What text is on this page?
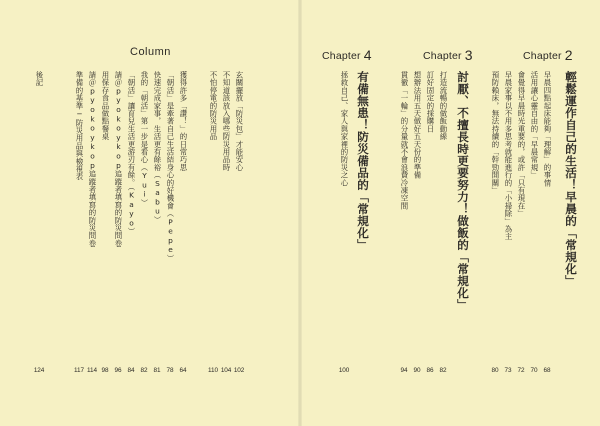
Chapter 2
輕鬆運作自己的生活！早晨的「常規化」
早晨四點起床能夠「理解」的事情
活用讓心靈自由的「早晨常規」
會覺得早晨時光重要的，或許「只有現在」
早晨家事以不用多思考就能進行的「小掃除」為主
預防賴床，無法持續的「幹勁開關」
68
70
72
73
80
Chapter 3
討厭、不擅長時更要努力！做飯的「常規化」
打造流暢的做飯動線
訂好固定的採購日
想辦法用五天做好五天份的準備
貫徹「一輪」的分量就不會浪費冷凍空間
82
86
90
94
Chapter 4
有備無患！防災備品的「常規化」
拯救自己、家人與家裡的防災之心
100
Column
玄關擺放「防災包」才能安心
不知道該放入哪些防災用品時
不怕停電的防災用品
獲得許多「讚！」的日常巧思
「朝活」是牽著自己生活結身心的好機會（Pepe）
快速完成家事，生活更有餘裕（Sabu）
我的「朝活」第一步是看心（Yui）
「朝活」讓育兒生活更游刃有餘。（Kayo）
請＠pyokoykop追蹤者填寫的防災問卷
用保存食品做點餐桌
請＠pyokoykop追蹤者填寫的防災問卷
準備的基準─防災用品與檢視表
後記
102
104
110
64
78
81
82
84
96
98
114
117
124
